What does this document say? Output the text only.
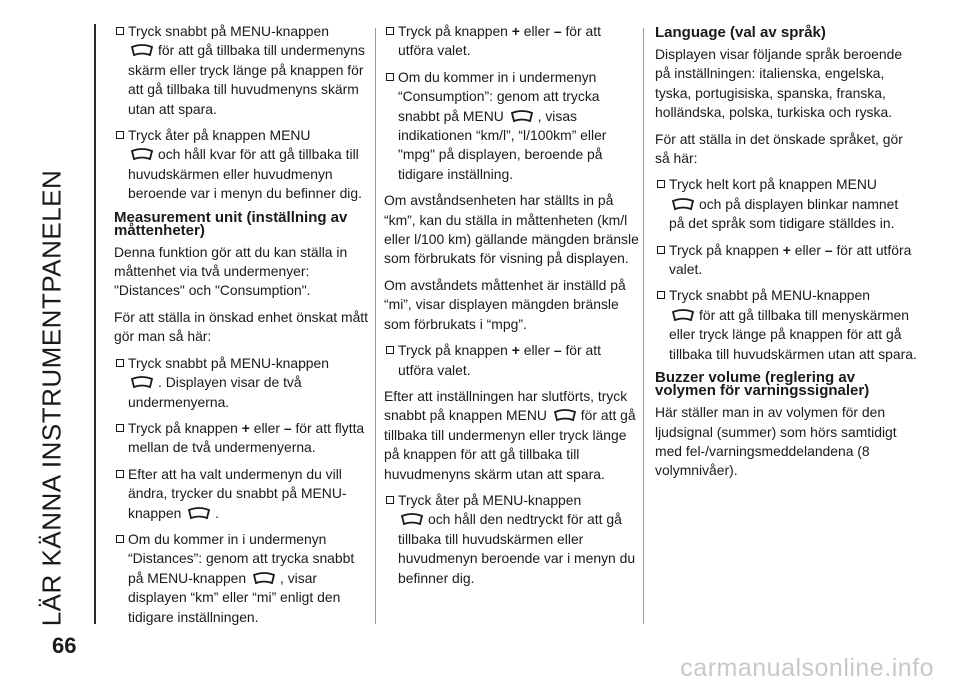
LÄR KÄNNA INSTRUMENTPANELEN
66

Tryck snabbt på MENU-knappen

för att gå tillbaka till undermenyns skärm eller tryck länge på knappen för att gå tillbaka till huvudmenyns skärm utan att spara.

Tryck åter på knappen MENU

och håll kvar för att gå tillbaka till huvudskärmen eller huvudmenyn beroende var i menyn du befinner dig.

Measurement unit (inställning av måttenheter)

Denna funktion gör att du kan ställa in måttenhet via två undermenyer: "Distances" och "Consumption".

För att ställa in önskad enhet önskat mått gör man så här:

Tryck snabbt på MENU-knappen

. Displayen visar de två undermenyerna.

Tryck på knappen + eller – för att flytta mellan de två undermenyerna.

Efter att ha valt undermenyn du vill ändra, trycker du snabbt på MENU-knappen .

Om du kommer in i undermenyn “Distances”: genom att trycka snabbt på MENU-knappen , visar displayen “km” eller “mi” enligt den tidigare inställningen.

Tryck på knappen + eller – för att utföra valet.

Om du kommer in i undermenyn “Consumption”: genom att trycka snabbt på MENU , visas indikationen “km/l”, “l/100km” eller "mpg" på displayen, beroende på tidigare inställning.

Om avståndsenheten har ställts in på “km”, kan du ställa in måttenheten (km/l eller l/100 km) gällande mängden bränsle som förbrukats för visning på displayen.

Om avståndets måttenhet är inställd på “mi”, visar displayen mängden bränsle som förbrukats i “mpg”.

Tryck på knappen + eller – för att utföra valet.

Efter att inställningen har slutförts, tryck snabbt på knappen MENU för att gå tillbaka till undermenyn eller tryck länge på knappen för att gå tillbaka till huvudmenyns skärm utan att spara.

Tryck åter på MENU-knappen

och håll den nedtryckt för att gå tillbaka till huvudskärmen eller huvudmenyn beroende var i menyn du befinner dig.

Language (val av språk)

Displayen visar följande språk beroende på inställningen: italienska, engelska, tyska, portugisiska, spanska, franska, holländska, polska, turkiska och ryska.

För att ställa in det önskade språket, gör så här:

Tryck helt kort på knappen MENU

och på displayen blinkar namnet på det språk som tidigare ställdes in.

Tryck på knappen + eller – för att utföra valet.

Tryck snabbt på MENU-knappen

för att gå tillbaka till menyskärmen eller tryck länge på knappen för att gå tillbaka till huvudskärmen utan att spara.

Buzzer volume (reglering av volymen för varningssignaler)

Här ställer man in av volymen för den ljudsignal (summer) som hörs samtidigt med fel-/varningsmeddelandena (8 volymnivåer).

carmanualsonline.info
